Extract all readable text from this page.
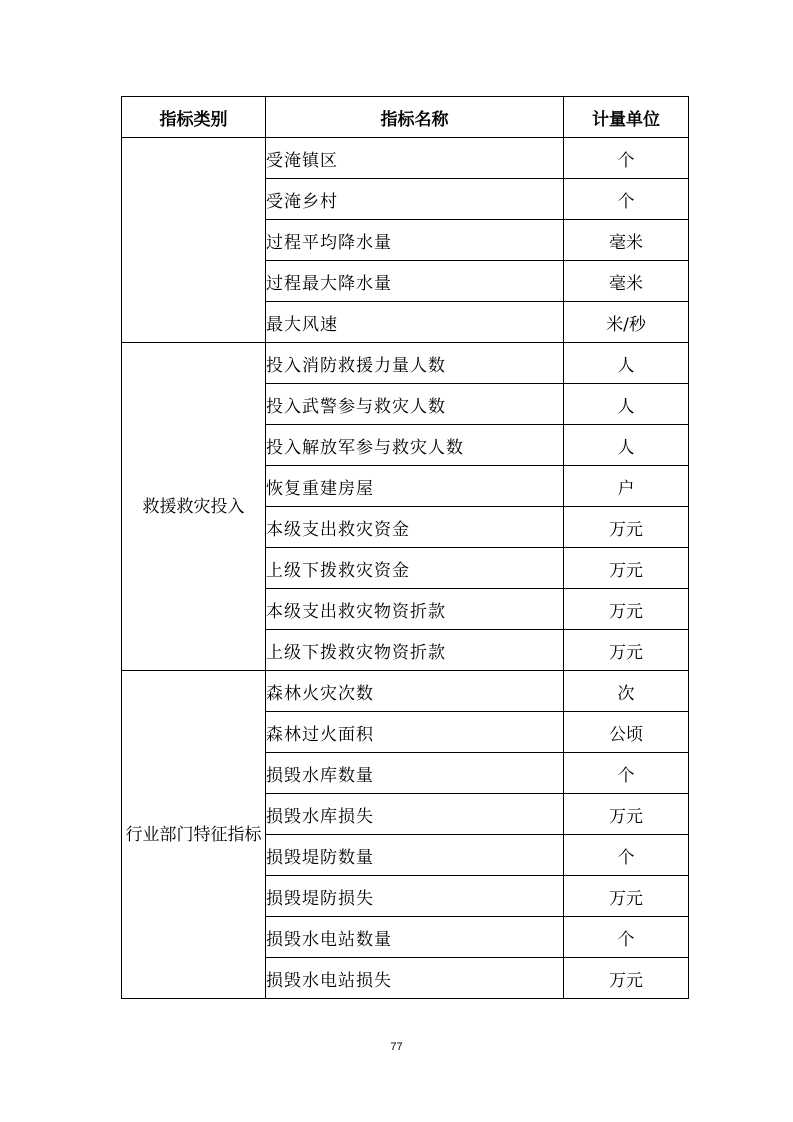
指标类别	指标名称	计量单位
	受淹镇区	个
	受淹乡村	个
	过程平均降水量	毫米
	过程最大降水量	毫米
	最大风速	米/秒
救援救灾投入	投入消防救援力量人数	人
	投入武警参与救灾人数	人
	投入解放军参与救灾人数	人
	恢复重建房屋	户
	本级支出救灾资金	万元
	上级下拨救灾资金	万元
	本级支出救灾物资折款	万元
	上级下拨救灾物资折款	万元
行业部门特征指标	森林火灾次数	次
	森林过火面积	公顷
	损毁水库数量	个
	损毁水库损失	万元
	损毁堤防数量	个
	损毁堤防损失	万元
	损毁水电站数量	个
	损毁水电站损失	万元
77
